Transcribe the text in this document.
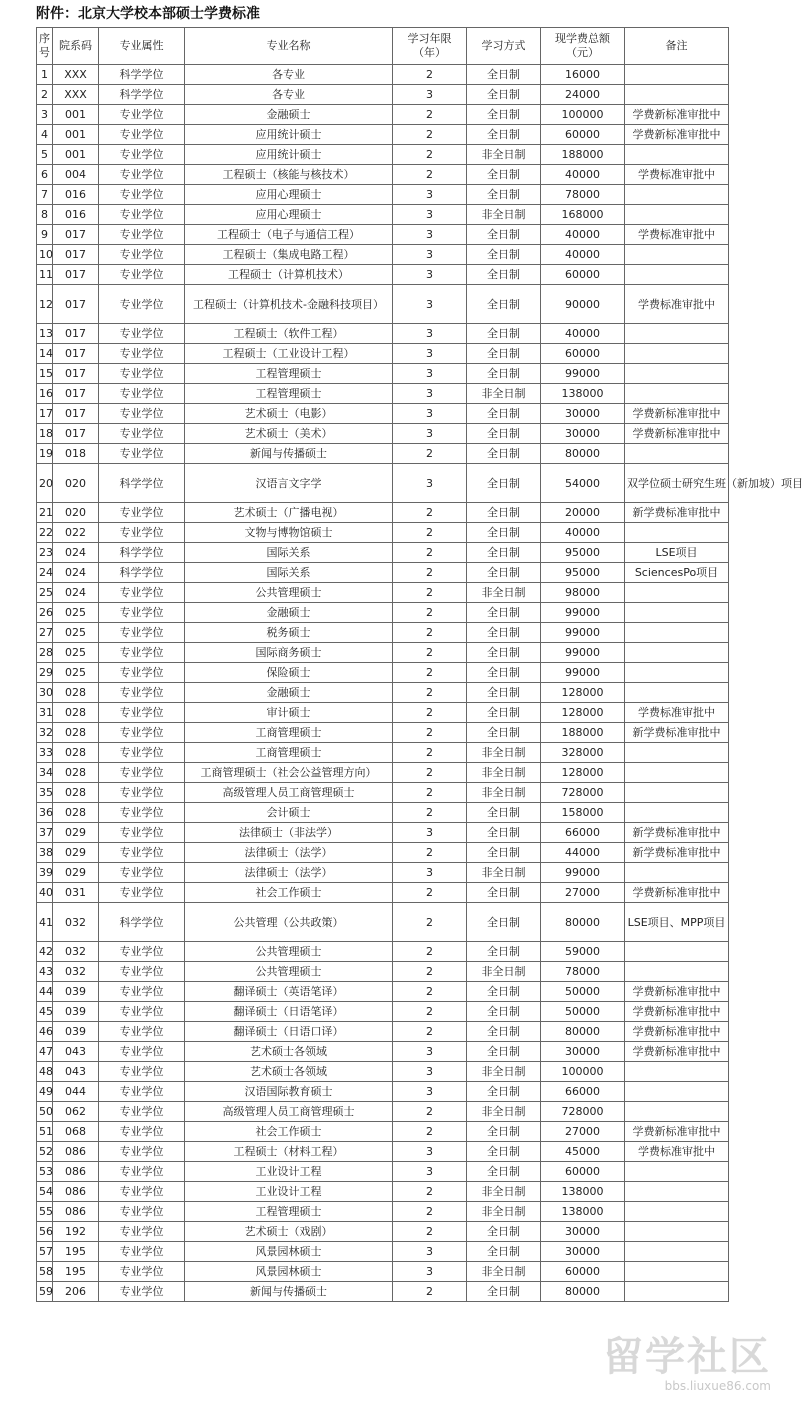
附件：北京大学校本部硕士学费标准
序号	院系码	专业属性	专业名称	学习年限（年）	学习方式	现学费总额（元）	备注
1	XXX	科学学位	各专业	2	全日制	16000	
2	XXX	科学学位	各专业	3	全日制	24000	
3	001	专业学位	金融硕士	2	全日制	100000	学费新标准审批中
4	001	专业学位	应用统计硕士	2	全日制	60000	学费新标准审批中
5	001	专业学位	应用统计硕士	2	非全日制	188000	
6	004	专业学位	工程硕士（核能与核技术）	2	全日制	40000	学费标准审批中
7	016	专业学位	应用心理硕士	3	全日制	78000	
8	016	专业学位	应用心理硕士	3	非全日制	168000	
9	017	专业学位	工程硕士（电子与通信工程）	3	全日制	40000	学费标准审批中
10	017	专业学位	工程硕士（集成电路工程）	3	全日制	40000	
11	017	专业学位	工程硕士（计算机技术）	3	全日制	60000	
12	017	专业学位	工程硕士（计算机技术-金融科技项目）	3	全日制	90000	学费标准审批中
13	017	专业学位	工程硕士（软件工程）	3	全日制	40000	
14	017	专业学位	工程硕士（工业设计工程）	3	全日制	60000	
15	017	专业学位	工程管理硕士	3	全日制	99000	
16	017	专业学位	工程管理硕士	3	非全日制	138000	
17	017	专业学位	艺术硕士（电影）	3	全日制	30000	学费新标准审批中
18	017	专业学位	艺术硕士（美术）	3	全日制	30000	学费新标准审批中
19	018	专业学位	新闻与传播硕士	2	全日制	80000	
20	020	科学学位	汉语言文字学	3	全日制	54000	双学位硕士研究生班（新加坡）项目
21	020	专业学位	艺术硕士（广播电视）	2	全日制	20000	新学费标准审批中
22	022	专业学位	文物与博物馆硕士	2	全日制	40000	
23	024	科学学位	国际关系	2	全日制	95000	LSE项目
24	024	科学学位	国际关系	2	全日制	95000	SciencesPo项目
25	024	专业学位	公共管理硕士	2	非全日制	98000	
26	025	专业学位	金融硕士	2	全日制	99000	
27	025	专业学位	税务硕士	2	全日制	99000	
28	025	专业学位	国际商务硕士	2	全日制	99000	
29	025	专业学位	保险硕士	2	全日制	99000	
30	028	专业学位	金融硕士	2	全日制	128000	
31	028	专业学位	审计硕士	2	全日制	128000	学费标准审批中
32	028	专业学位	工商管理硕士	2	全日制	188000	新学费标准审批中
33	028	专业学位	工商管理硕士	2	非全日制	328000	
34	028	专业学位	工商管理硕士（社会公益管理方向）	2	非全日制	128000	
35	028	专业学位	高级管理人员工商管理硕士	2	非全日制	728000	
36	028	专业学位	会计硕士	2	全日制	158000	
37	029	专业学位	法律硕士（非法学）	3	全日制	66000	新学费标准审批中
38	029	专业学位	法律硕士（法学）	2	全日制	44000	新学费标准审批中
39	029	专业学位	法律硕士（法学）	3	非全日制	99000	
40	031	专业学位	社会工作硕士	2	全日制	27000	学费新标准审批中
41	032	科学学位	公共管理（公共政策）	2	全日制	80000	LSE项目、MPP项目
42	032	专业学位	公共管理硕士	2	全日制	59000	
43	032	专业学位	公共管理硕士	2	非全日制	78000	
44	039	专业学位	翻译硕士（英语笔译）	2	全日制	50000	学费新标准审批中
45	039	专业学位	翻译硕士（日语笔译）	2	全日制	50000	学费新标准审批中
46	039	专业学位	翻译硕士（日语口译）	2	全日制	80000	学费新标准审批中
47	043	专业学位	艺术硕士各领域	3	全日制	30000	学费新标准审批中
48	043	专业学位	艺术硕士各领域	3	非全日制	100000	
49	044	专业学位	汉语国际教育硕士	3	全日制	66000	
50	062	专业学位	高级管理人员工商管理硕士	2	非全日制	728000	
51	068	专业学位	社会工作硕士	2	全日制	27000	学费新标准审批中
52	086	专业学位	工程硕士（材料工程）	3	全日制	45000	学费标准审批中
53	086	专业学位	工业设计工程	3	全日制	60000	
54	086	专业学位	工业设计工程	2	非全日制	138000	
55	086	专业学位	工程管理硕士	2	非全日制	138000	
56	192	专业学位	艺术硕士（戏剧）	2	全日制	30000	
57	195	专业学位	风景园林硕士	3	全日制	30000	
58	195	专业学位	风景园林硕士	3	非全日制	60000	
59	206	专业学位	新闻与传播硕士	2	全日制	80000	
留学社区
bbs.liuxue86.com
